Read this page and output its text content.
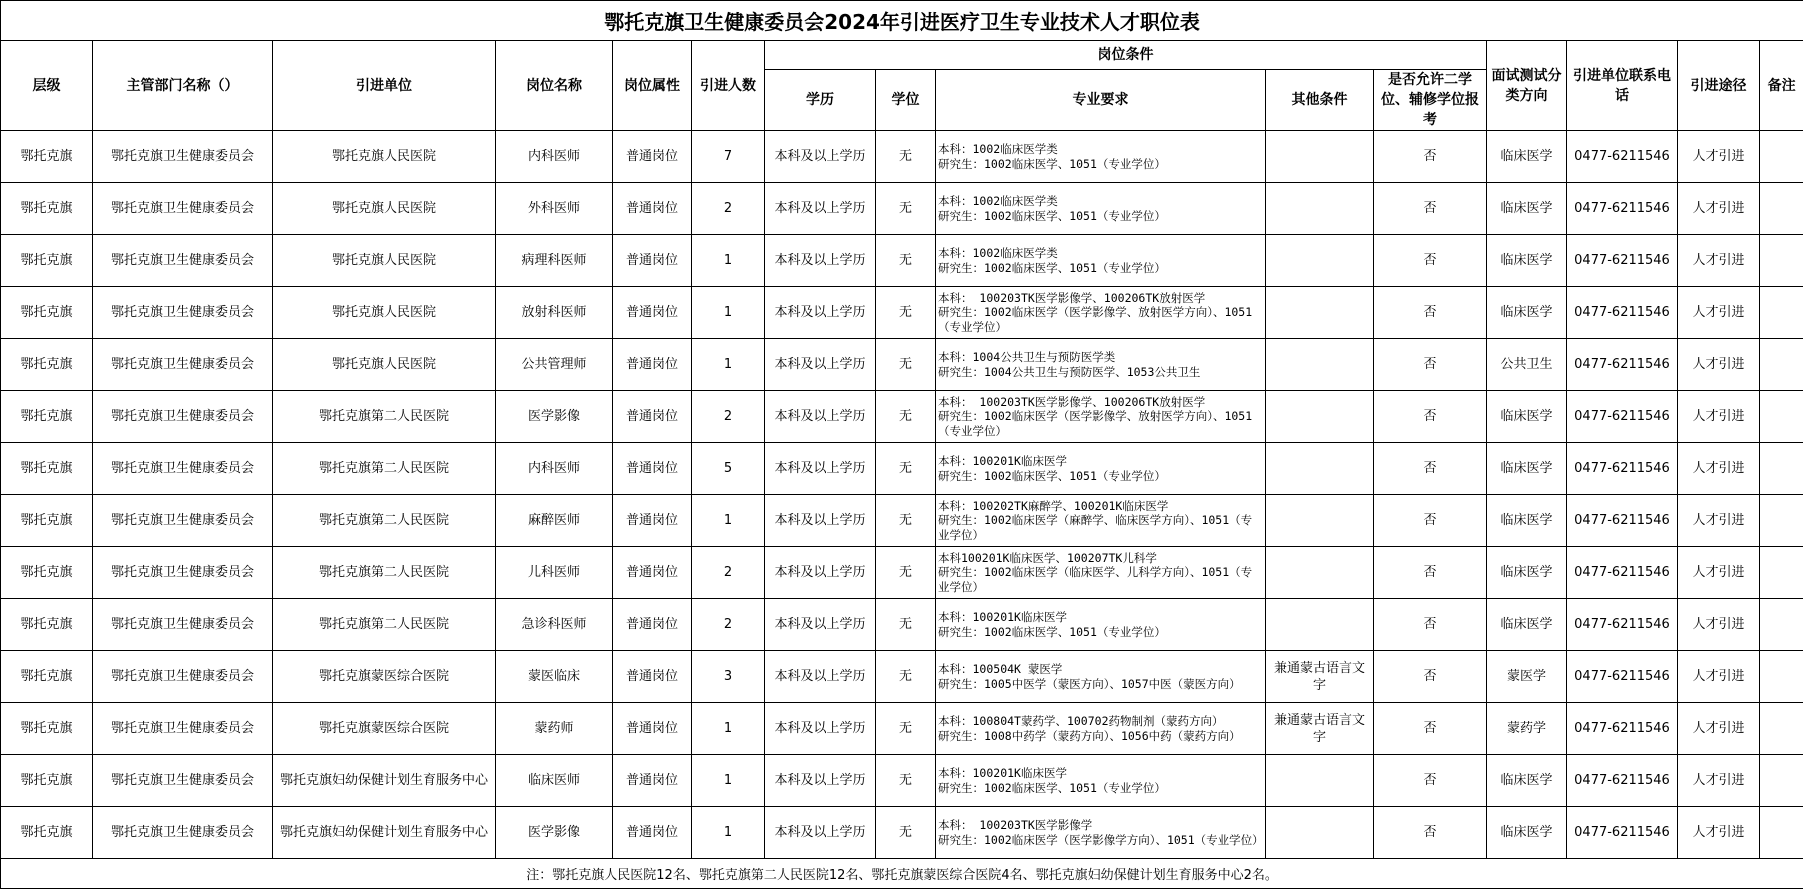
鄂托克旗卫生健康委员会2024年引进医疗卫生专业技术人才职位表														
层级	主管部门名称（）	引进单位	岗位名称	岗位属性	引进人数	岗位条件					面试测试分类方向	引进单位联系电话	引进途径	备注
						学历	学位	专业要求	其他条件	是否允许二学位、辅修学位报考				
鄂托克旗	鄂托克旗卫生健康委员会	鄂托克旗人民医院	内科医师	普通岗位	7	本科及以上学历	无	本科：1002临床医学类
研究生：1002临床医学、1051（专业学位）		否	临床医学	0477-6211546	人才引进	
鄂托克旗	鄂托克旗卫生健康委员会	鄂托克旗人民医院	外科医师	普通岗位	2	本科及以上学历	无	本科：1002临床医学类
研究生：1002临床医学、1051（专业学位）		否	临床医学	0477-6211546	人才引进	
鄂托克旗	鄂托克旗卫生健康委员会	鄂托克旗人民医院	病理科医师	普通岗位	1	本科及以上学历	无	本科：1002临床医学类
研究生：1002临床医学、1051（专业学位）		否	临床医学	0477-6211546	人才引进	
鄂托克旗	鄂托克旗卫生健康委员会	鄂托克旗人民医院	放射科医师	普通岗位	1	本科及以上学历	无	本科： 100203TK医学影像学、100206TK放射医学
研究生：1002临床医学（医学影像学、放射医学方向）、1051（专业学位）		否	临床医学	0477-6211546	人才引进	
鄂托克旗	鄂托克旗卫生健康委员会	鄂托克旗人民医院	公共管理师	普通岗位	1	本科及以上学历	无	本科：1004公共卫生与预防医学类
研究生：1004公共卫生与预防医学、1053公共卫生		否	公共卫生	0477-6211546	人才引进	
鄂托克旗	鄂托克旗卫生健康委员会	鄂托克旗第二人民医院	医学影像	普通岗位	2	本科及以上学历	无	本科： 100203TK医学影像学、100206TK放射医学
研究生：1002临床医学（医学影像学、放射医学方向）、1051（专业学位）		否	临床医学	0477-6211546	人才引进	
鄂托克旗	鄂托克旗卫生健康委员会	鄂托克旗第二人民医院	内科医师	普通岗位	5	本科及以上学历	无	本科：100201K临床医学
研究生：1002临床医学、1051（专业学位）		否	临床医学	0477-6211546	人才引进	
鄂托克旗	鄂托克旗卫生健康委员会	鄂托克旗第二人民医院	麻醉医师	普通岗位	1	本科及以上学历	无	本科：100202TK麻醉学、100201K临床医学
研究生：1002临床医学（麻醉学、临床医学方向）、1051（专业学位）		否	临床医学	0477-6211546	人才引进	
鄂托克旗	鄂托克旗卫生健康委员会	鄂托克旗第二人民医院	儿科医师	普通岗位	2	本科及以上学历	无	本科100201K临床医学、100207TK儿科学
研究生：1002临床医学（临床医学、儿科学方向）、1051（专业学位）		否	临床医学	0477-6211546	人才引进	
鄂托克旗	鄂托克旗卫生健康委员会	鄂托克旗第二人民医院	急诊科医师	普通岗位	2	本科及以上学历	无	本科：100201K临床医学
研究生：1002临床医学、1051（专业学位）		否	临床医学	0477-6211546	人才引进	
鄂托克旗	鄂托克旗卫生健康委员会	鄂托克旗蒙医综合医院	蒙医临床	普通岗位	3	本科及以上学历	无	本科：100504K 蒙医学
研究生：1005中医学（蒙医方向）、1057中医（蒙医方向）	兼通蒙古语言文字	否	蒙医学	0477-6211546	人才引进	
鄂托克旗	鄂托克旗卫生健康委员会	鄂托克旗蒙医综合医院	蒙药师	普通岗位	1	本科及以上学历	无	本科：100804T蒙药学、100702药物制剂（蒙药方向）
研究生：1008中药学（蒙药方向）、1056中药（蒙药方向）	兼通蒙古语言文字	否	蒙药学	0477-6211546	人才引进	
鄂托克旗	鄂托克旗卫生健康委员会	鄂托克旗妇幼保健计划生育服务中心	临床医师	普通岗位	1	本科及以上学历	无	本科：100201K临床医学
研究生：1002临床医学、1051（专业学位）		否	临床医学	0477-6211546	人才引进	
鄂托克旗	鄂托克旗卫生健康委员会	鄂托克旗妇幼保健计划生育服务中心	医学影像	普通岗位	1	本科及以上学历	无	本科： 100203TK医学影像学
研究生：1002临床医学（医学影像学方向）、1051（专业学位）		否	临床医学	0477-6211546	人才引进	
注：鄂托克旗人民医院12名、鄂托克旗第二人民医院12名、鄂托克旗蒙医综合医院4名、鄂托克旗妇幼保健计划生育服务中心2名。														
